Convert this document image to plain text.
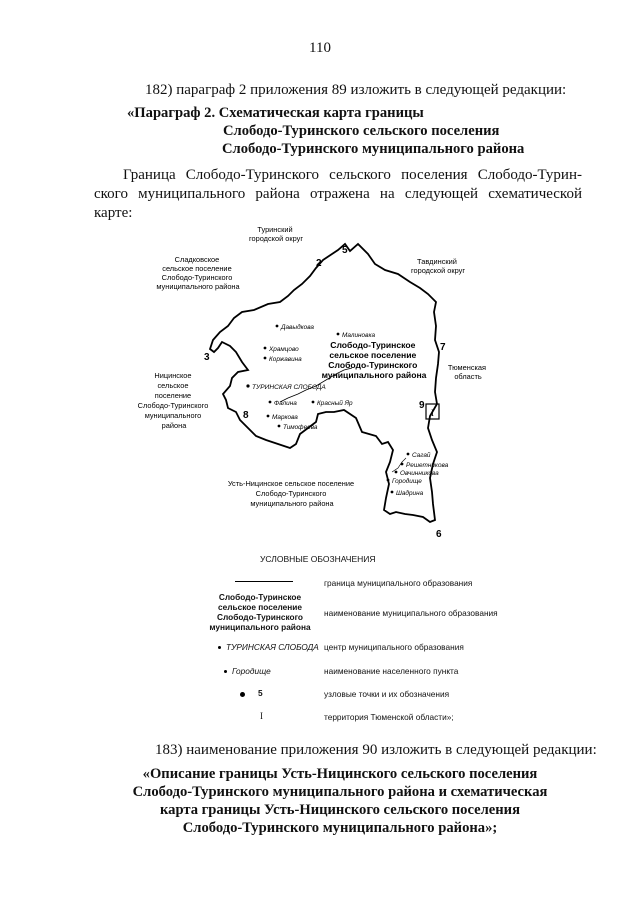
110
182) параграф 2 приложения 89 изложить в следующей редакции:
«Параграф 2. Схематическая карта границы
Слободо-Туринского сельского поселения
Слободо-Туринского муниципального района
Граница Слободо-Туринского сельского поселения Слободо-Турин-
ского муниципального района отражена на следующей схематической карте:
I
2
5
3
7
8
9
6
Туринский городской округ
Сладковское сельское поселение Слободо-Туринского муниципального района
Тавдинский городской округ
Ницинское сельское поселение Слободо-Туринского муниципального района
Тюменская область
Усть-Ницинское сельское поселение Слободо-Туринского муниципального района
Слободо-Туринское сельское поселение Слободо-Туринского муниципального района
ТУРИНСКАЯ СЛОБОДА
Давыдкова
Храмцово
Коржавина
Малиновка
Фалина	Красный Яр
Маркова
Тимофеева
Сагай
Решетникова
Овчинникова
Городище
Шадрина
УСЛОВНЫЕ ОБОЗНАЧЕНИЯ
граница муниципального образования
Слободо-Туринское
сельское поселение
Слободо-Туринского
муниципального района
наименование муниципального образования
ТУРИНСКАЯ СЛОБОДА центр муниципального образования
Городище	наименование населенного пункта
5	узловые точки и их обозначения
I	территория Тюменской области»;
183) наименование приложения 90 изложить в следующей редакции:
«Описание границы Усть-Ницинского сельского поселения
Слободо-Туринского муниципального района и схематическая
карта границы Усть-Ницинского сельского поселения
Слободо-Туринского муниципального района»;
